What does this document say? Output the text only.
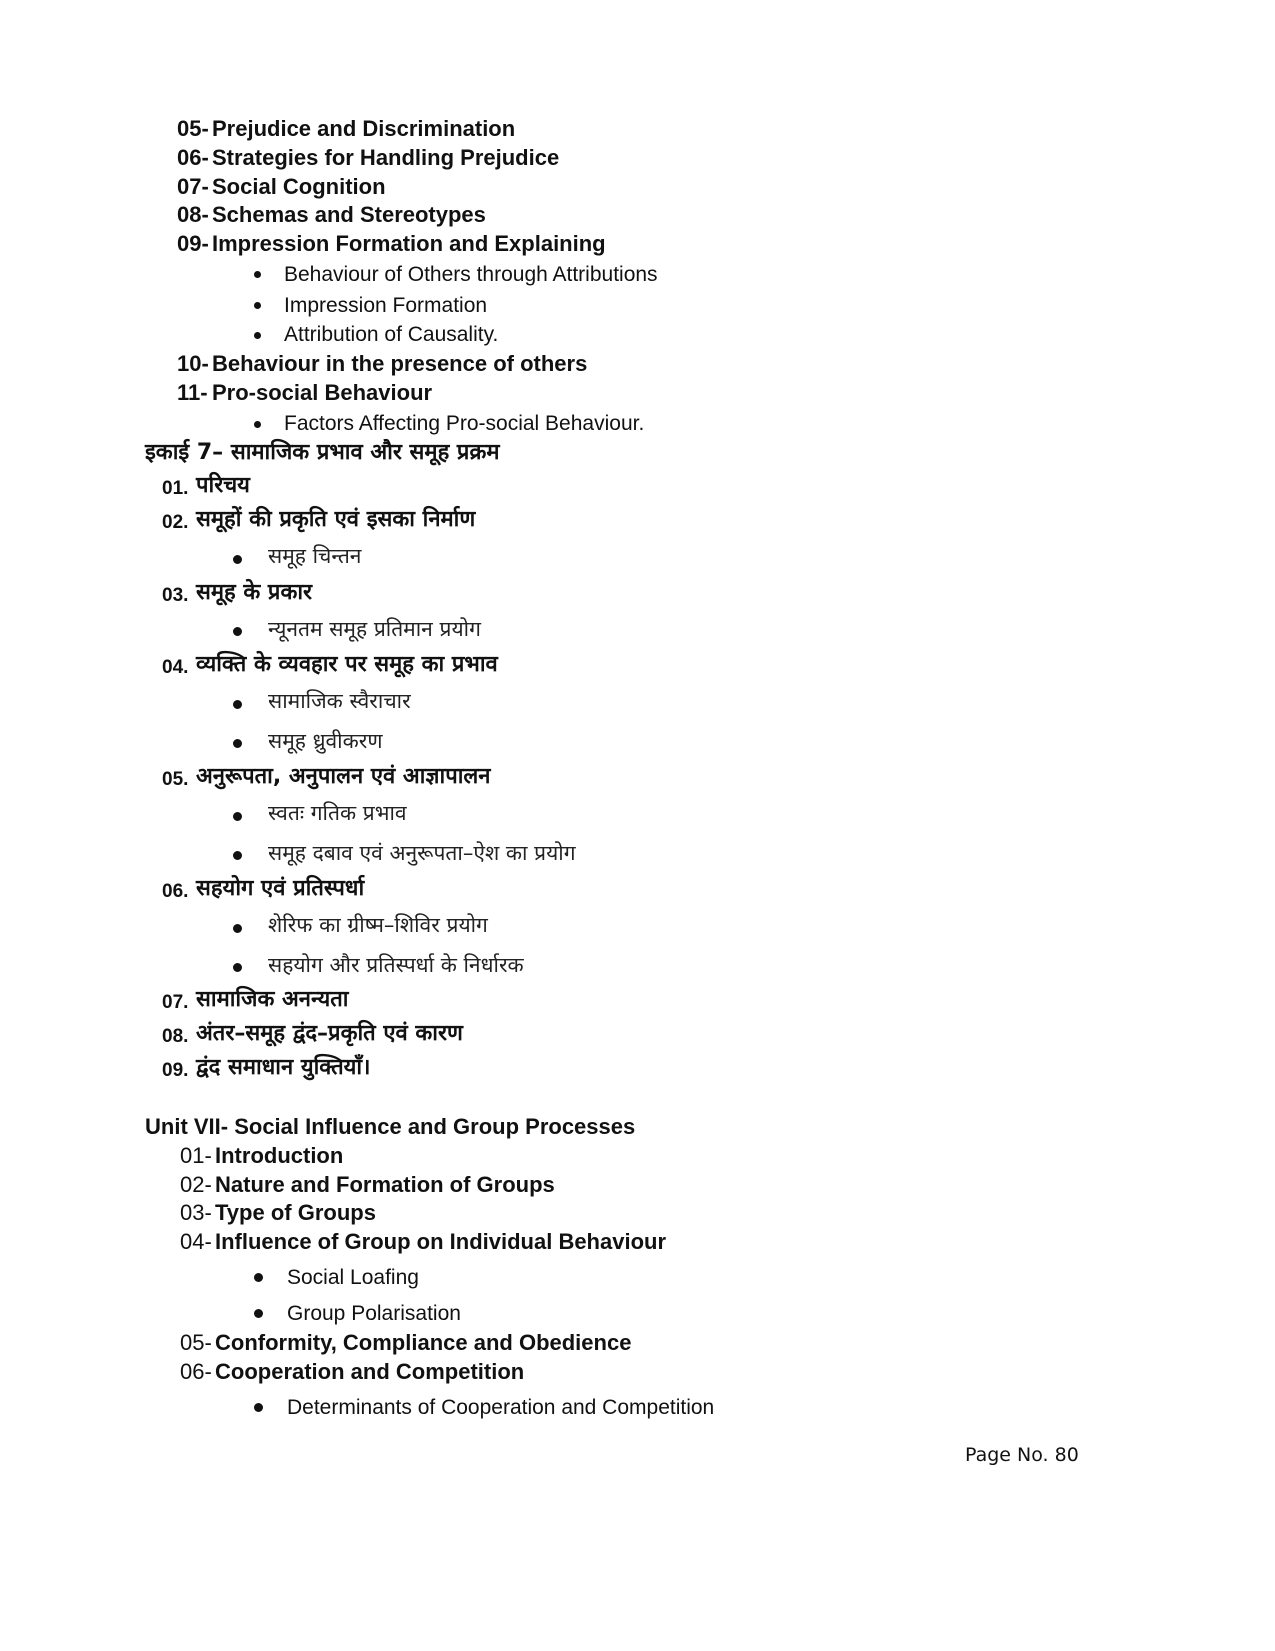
05- Prejudice and Discrimination
06- Strategies for Handling Prejudice
07- Social Cognition
08- Schemas and Stereotypes
09- Impression Formation and Explaining
Behaviour of Others through Attributions
Impression Formation
Attribution of Causality.
10- Behaviour in the presence of others
11- Pro-social Behaviour
Factors Affecting Pro-social Behaviour.
इकाई 7– सामाजिक प्रभाव और समूह प्रक्रम
01. परिचय
02. समूहों की प्रकृति एवं इसका निर्माण
समूह चिन्तन
03. समूह के प्रकार
न्यूनतम समूह प्रतिमान प्रयोग
04. व्यक्ति के व्यवहार पर समूह का प्रभाव
सामाजिक स्वैराचार
समूह ध्रुवीकरण
05. अनुरूपता, अनुपालन एवं आज्ञापालन
स्वतः गतिक प्रभाव
समूह दबाव एवं अनुरूपता–ऐश का प्रयोग
06. सहयोग एवं प्रतिस्पर्धा
शेरिफ का ग्रीष्म–शिविर प्रयोग
सहयोग और प्रतिस्पर्धा के निर्धारक
07. सामाजिक अनन्यता
08. अंतर–समूह द्वंद–प्रकृति एवं कारण
09. द्वंद समाधान युक्तियाँ।
Unit VII- Social Influence and Group Processes
01- Introduction
02- Nature and Formation of Groups
03- Type of Groups
04- Influence of Group on Individual Behaviour
Social Loafing
Group Polarisation
05- Conformity, Compliance and Obedience
06- Cooperation and Competition
Determinants of Cooperation and Competition
Page No. 80
